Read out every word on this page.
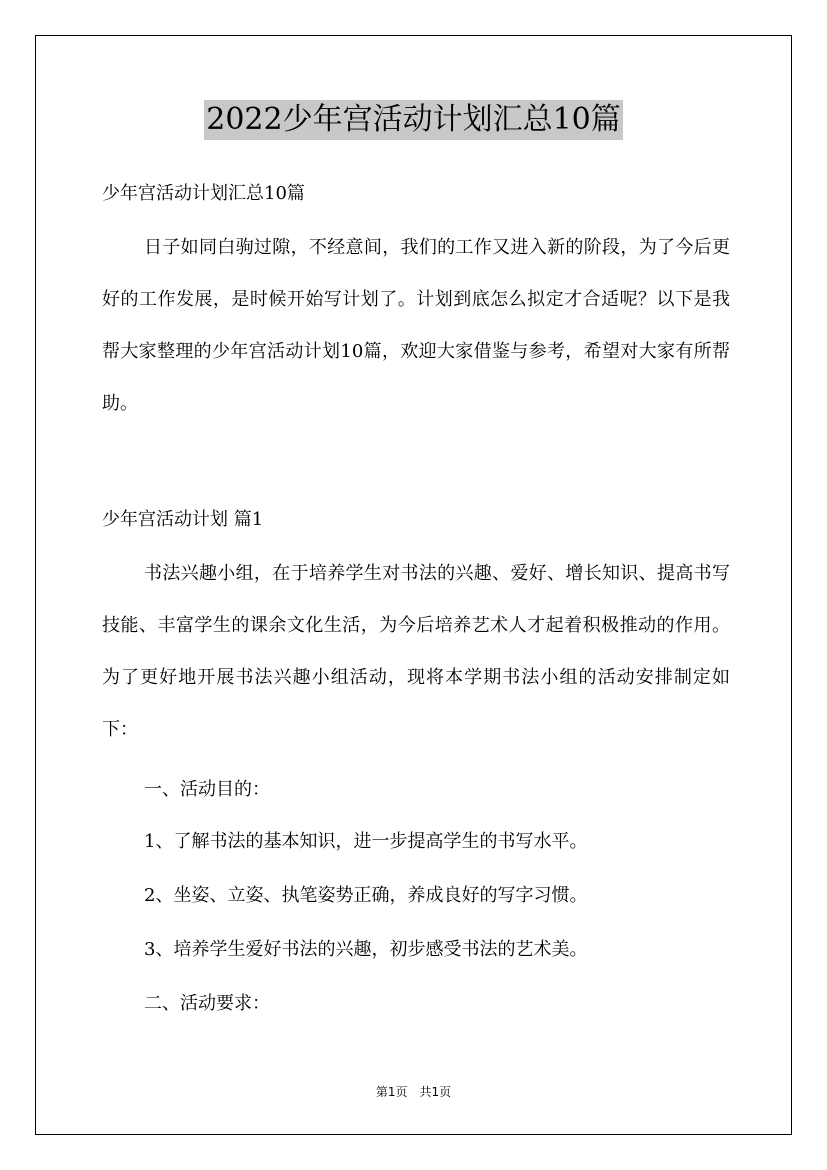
2022少年宫活动计划汇总10篇
少年宫活动计划汇总10篇

日子如同白驹过隙，不经意间，我们的工作又进入新的阶段，为了今后更好的工作发展，是时候开始写计划了。计划到底怎么拟定才合适呢？以下是我帮大家整理的少年宫活动计划10篇，欢迎大家借鉴与参考，希望对大家有所帮助。

少年宫活动计划 篇1

书法兴趣小组，在于培养学生对书法的兴趣、爱好、增长知识、提高书写技能、丰富学生的课余文化生活，为今后培养艺术人才起着积极推动的作用。为了更好地开展书法兴趣小组活动，现将本学期书法小组的活动安排制定如下：

一、活动目的：
1、了解书法的基本知识，进一步提高学生的书写水平。
2、坐姿、立姿、执笔姿势正确，养成良好的写字习惯。
3、培养学生爱好书法的兴趣，初步感受书法的艺术美。
二、活动要求：
第1页　共1页
